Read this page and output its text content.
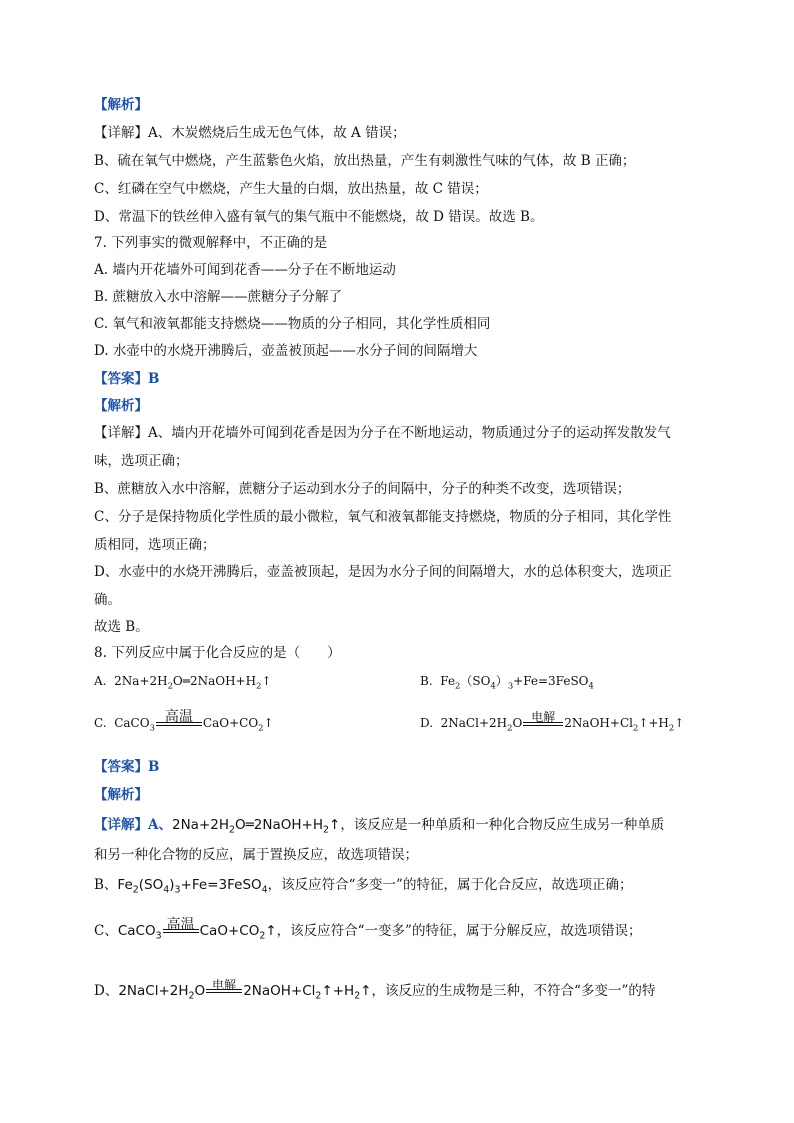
【解析】
【详解】A、木炭燃烧后生成无色气体，故 A 错误；
B、硫在氧气中燃烧，产生蓝紫色火焰，放出热量，产生有刺激性气味的气体，故 B 正确；
C、红磷在空气中燃烧，产生大量的白烟，放出热量，故 C 错误；
D、常温下的铁丝伸入盛有氧气的集气瓶中不能燃烧，故 D 错误。故选 B。
7. 下列事实的微观解释中，不正确的是
A. 墙内开花墙外可闻到花香——分子在不断地运动
B. 蔗糖放入水中溶解——蔗糖分子分解了
C. 氧气和液氧都能支持燃烧——物质的分子相同，其化学性质相同
D. 水壶中的水烧开沸腾后，壶盖被顶起——水分子间的间隔增大
【答案】B
【解析】
【详解】A、墙内开花墙外可闻到花香是因为分子在不断地运动，物质通过分子的运动挥发散发气
味，选项正确；
B、蔗糖放入水中溶解，蔗糖分子运动到水分子的间隔中，分子的种类不改变，选项错误；
C、分子是保持物质化学性质的最小微粒，氧气和液氧都能支持燃烧，物质的分子相同，其化学性
质相同，选项正确；
D、水壶中的水烧开沸腾后，壶盖被顶起，是因为水分子间的间隔增大，水的总体积变大，选项正
确。
故选 B。
8. 下列反应中属于化合反应的是（　　）
A.  $2Na+2H_2O═2NaOH+H_2↑$	B.  $Fe_2(SO_4)_3+Fe=3FeSO_4$
C.  CaCO$_3$
高温 $CaO+CO_2↑$	D.  $2NaCl+2H_2O$ 电解 $2NaOH+Cl_2↑+H_2↑$
【答案】B
【解析】
【详解】A、$2Na+2H_2O═2NaOH+H_2↑$，该反应是一种单质和一种化合物反应生成另一种单质
和另一种化合物的反应，属于置换反应，故选项错误；
B、$Fe_2(SO_4)_3+Fe=3FeSO_4$，该反应符合“多变一”的特征，属于化合反应，故选项正确；
C、CaCO$_3$
高温 $CaO+CO_2↑$，该反应符合“一变多”的特征，属于分解反应，故选项错误；
D、$2NaCl+2H_2O$ 电解 $2NaOH+Cl_2↑+H_2↑$，该反应的生成物是三种，不符合“多变一”的特
